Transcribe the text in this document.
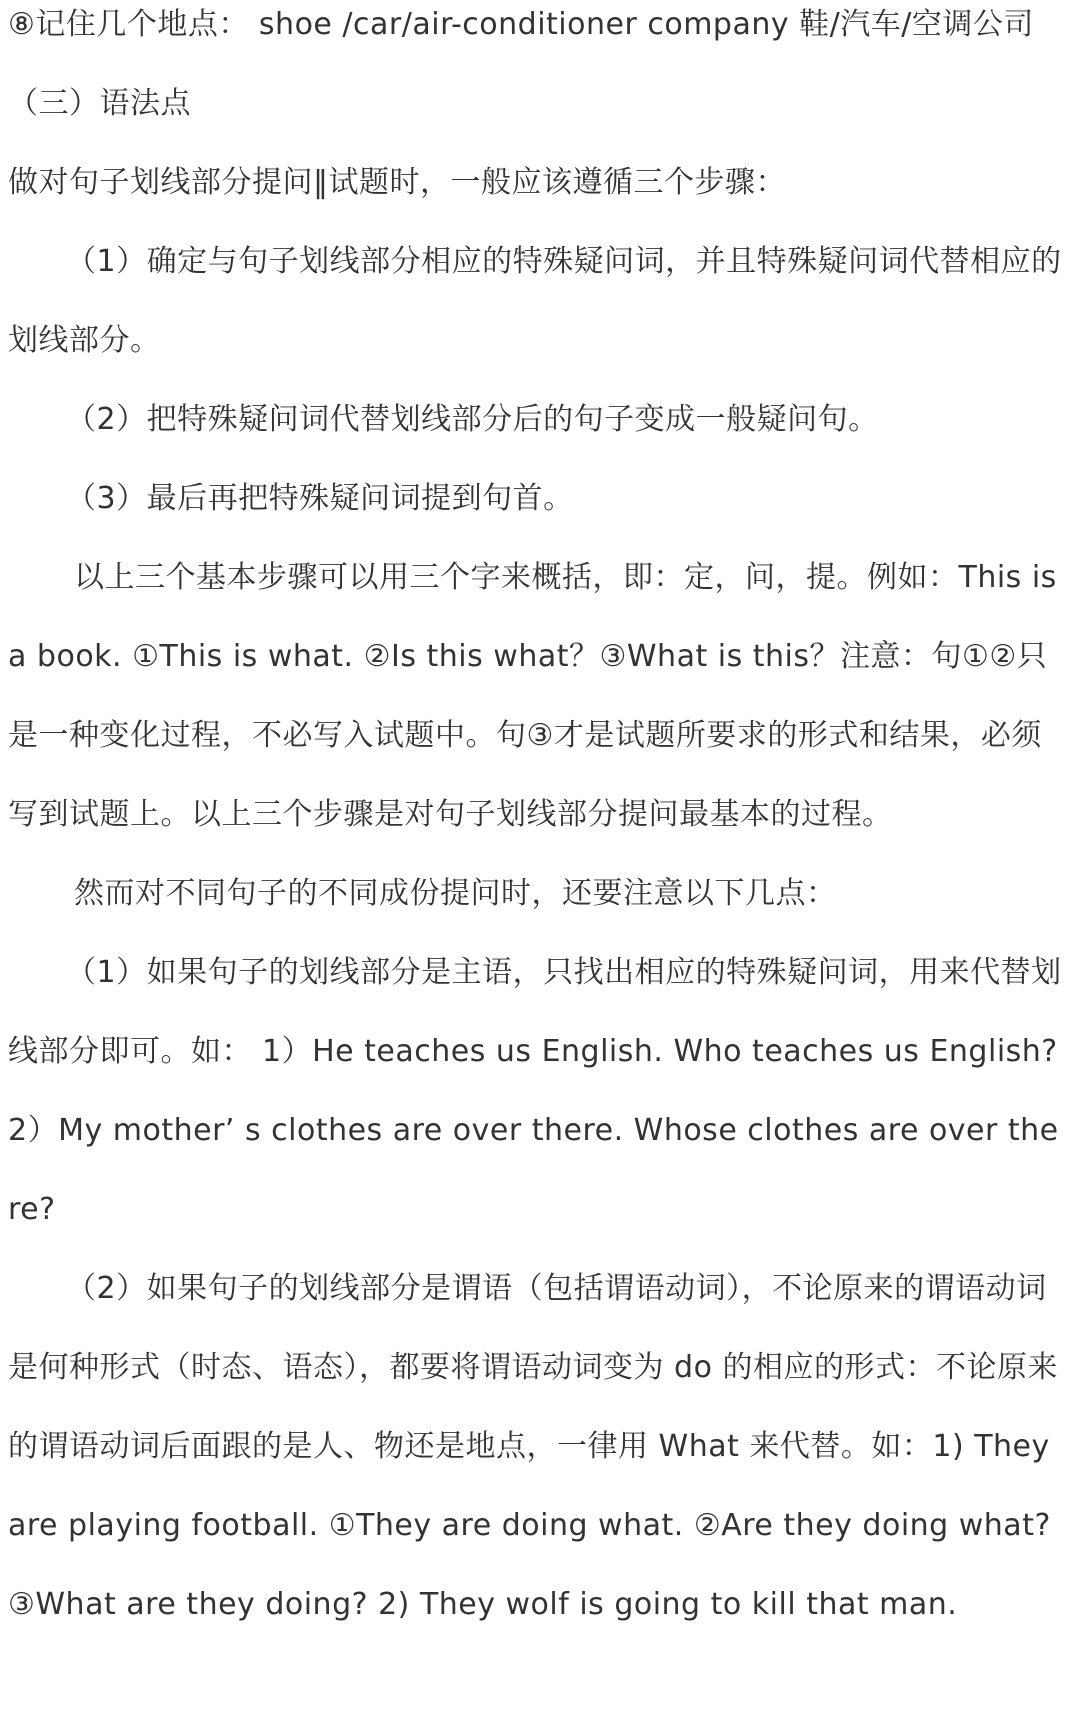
⑧记住几个地点： shoe /car/air-conditioner company 鞋/汽车/空调公司

（三）语法点

做对句子划线部分提问‖试题时，一般应该遵循三个步骤：

（1）确定与句子划线部分相应的特殊疑问词，并且特殊疑问词代替相应的划线部分。

（2）把特殊疑问词代替划线部分后的句子变成一般疑问句。

（3）最后再把特殊疑问词提到句首。

以上三个基本步骤可以用三个字来概括，即：定，问，提。例如：This is a book. ①This is what. ②Is this what？③What is this？注意：句①②只是一种变化过程，不必写入试题中。句③才是试题所要求的形式和结果，必须写到试题上。以上三个步骤是对句子划线部分提问最基本的过程。

然而对不同句子的不同成份提问时，还要注意以下几点：

（1）如果句子的划线部分是主语，只找出相应的特殊疑问词，用来代替划线部分即可。如： 1）He teaches us English. Who teaches us English? 2）My mother’ s clothes are over there. Whose clothes are over there?

（2）如果句子的划线部分是谓语（包括谓语动词），不论原来的谓语动词是何种形式（时态、语态），都要将谓语动词变为 do 的相应的形式：不论原来的谓语动词后面跟的是人、物还是地点，一律用 What 来代替。如：1) They are playing football. ①They are doing what. ②Are they doing what? ③What are they doing? 2) They wolf is going to kill that man.
